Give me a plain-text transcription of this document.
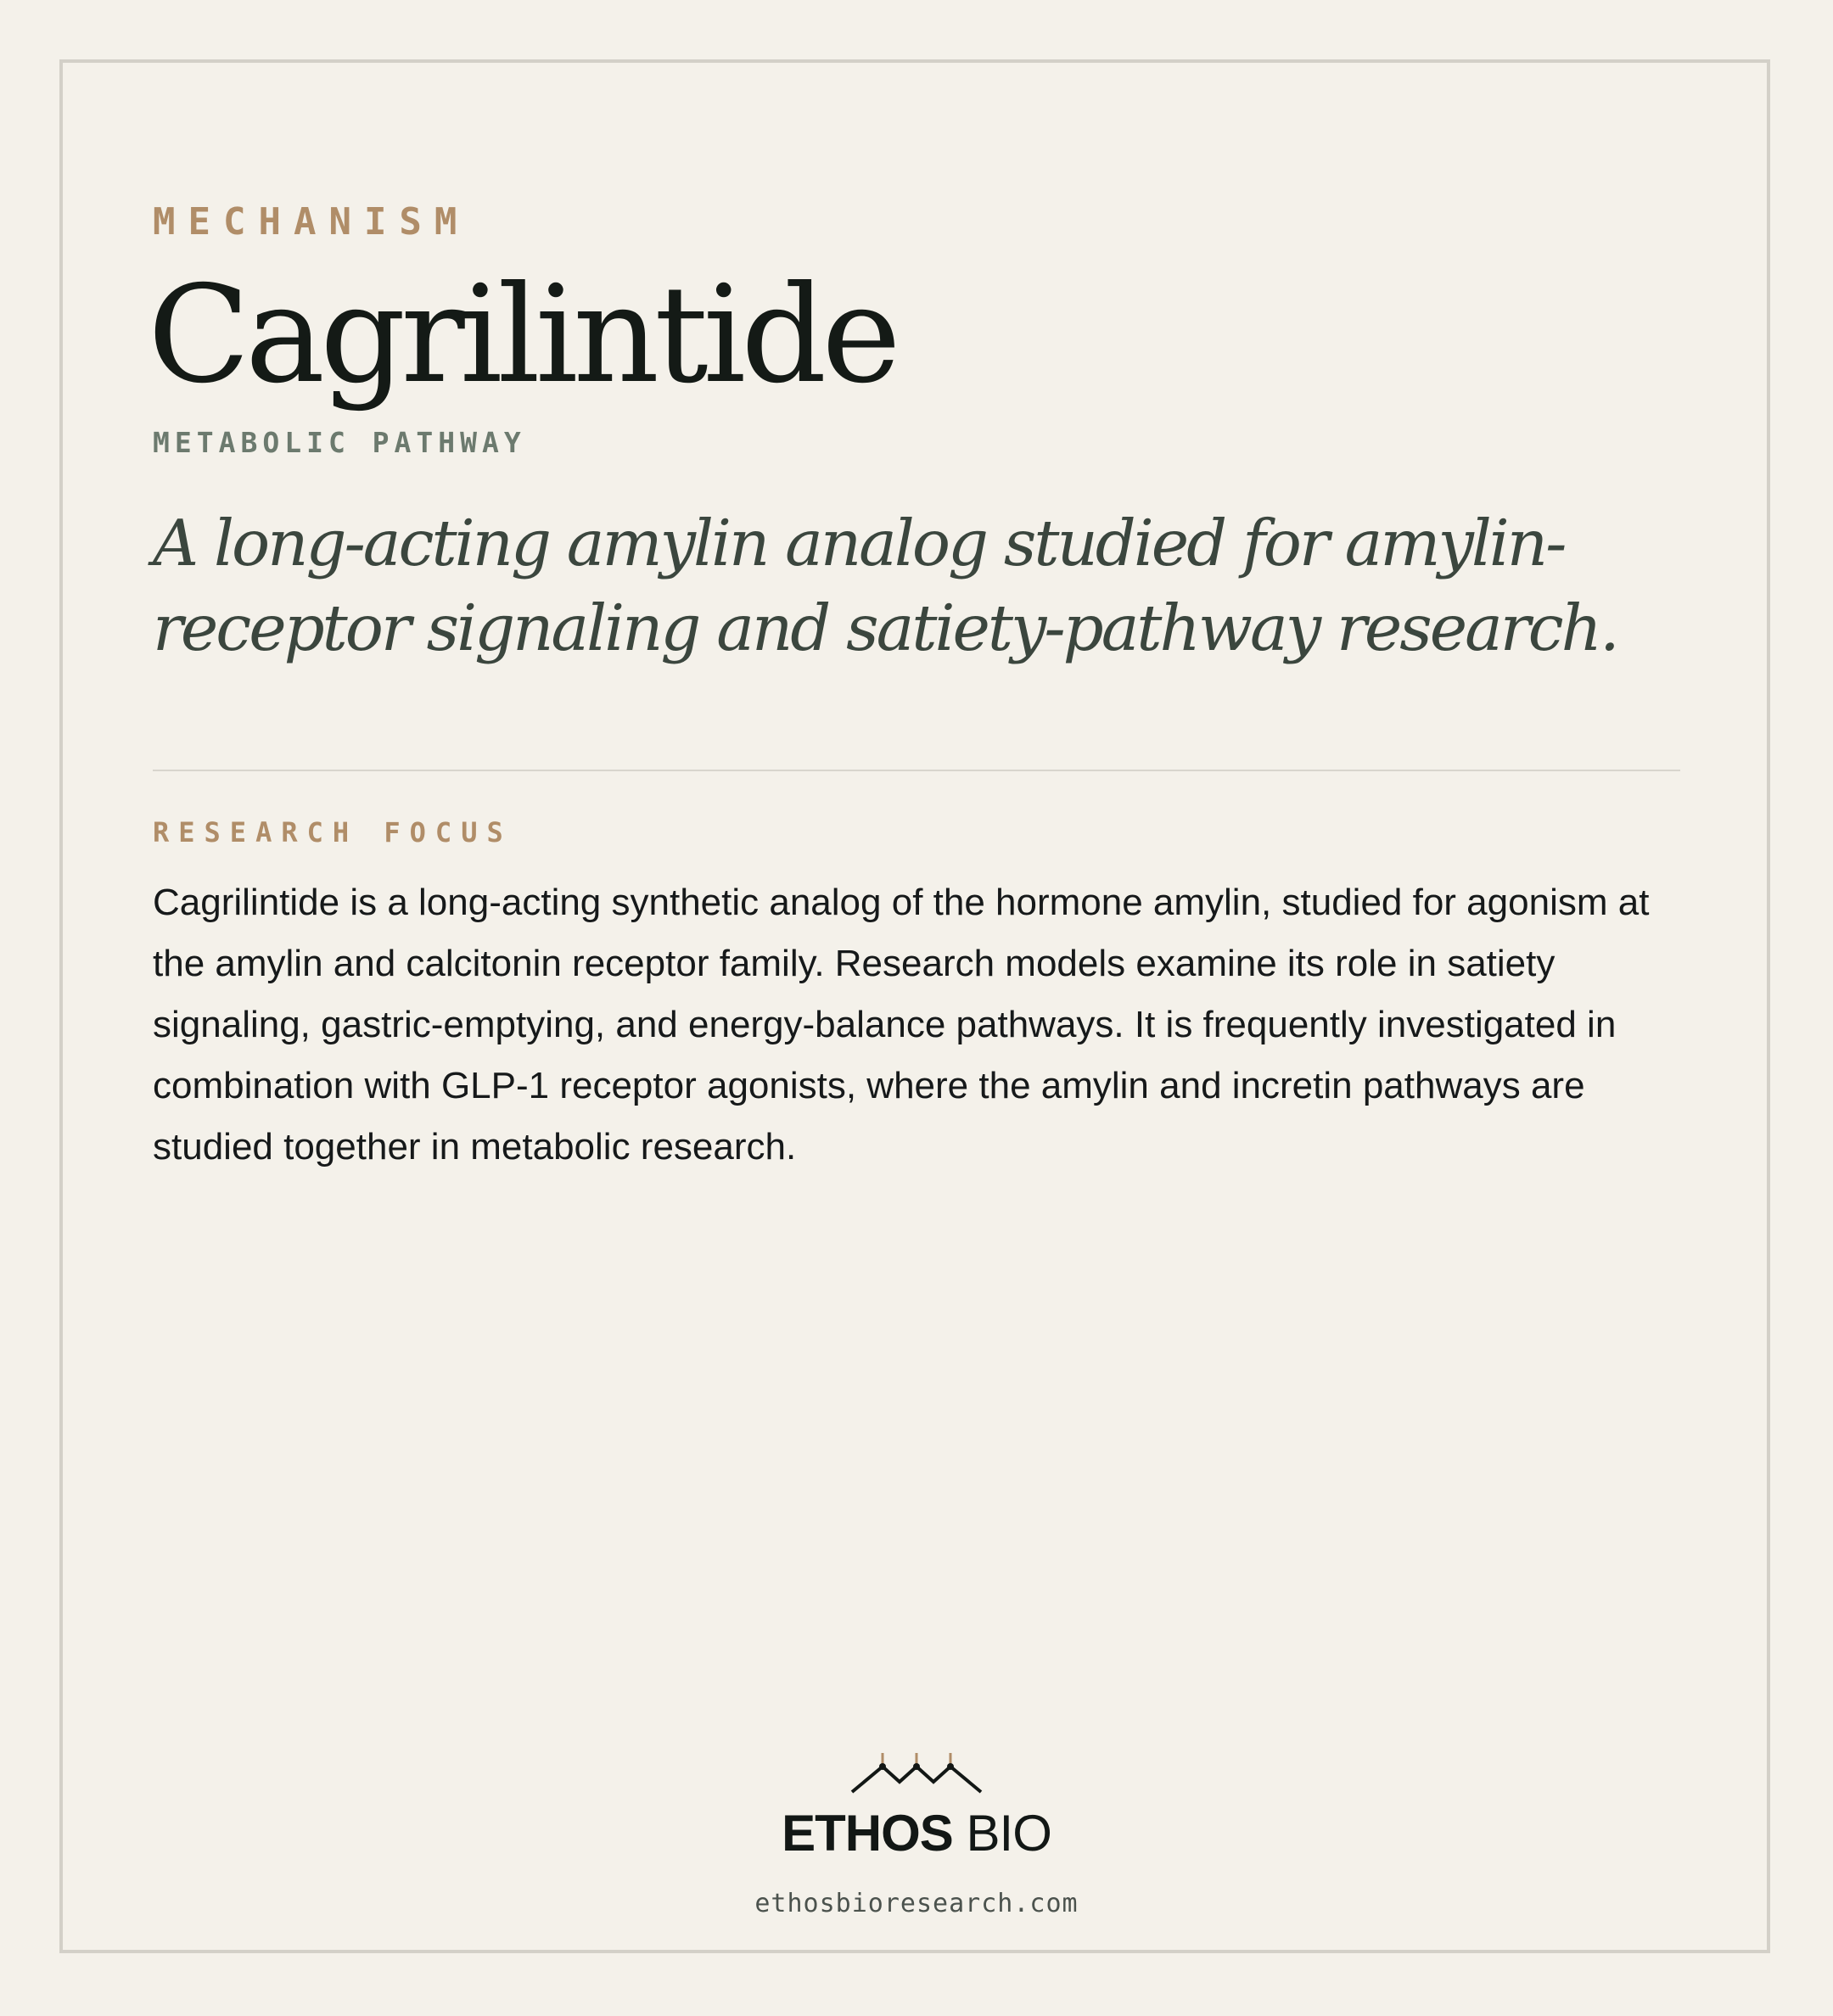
MECHANISM
Cagrilintide
METABOLIC PATHWAY
A long-acting amylin analog studied for amylin-receptor signaling and satiety-pathway research.
RESEARCH FOCUS
Cagrilintide is a long-acting synthetic analog of the hormone amylin, studied for agonism at the amylin and calcitonin receptor family. Research models examine its role in satiety signaling, gastric-emptying, and energy-balance pathways. It is frequently investigated in combination with GLP-1 receptor agonists, where the amylin and incretin pathways are studied together in metabolic research.
ETHOS BIO
ethosbioresearch.com
